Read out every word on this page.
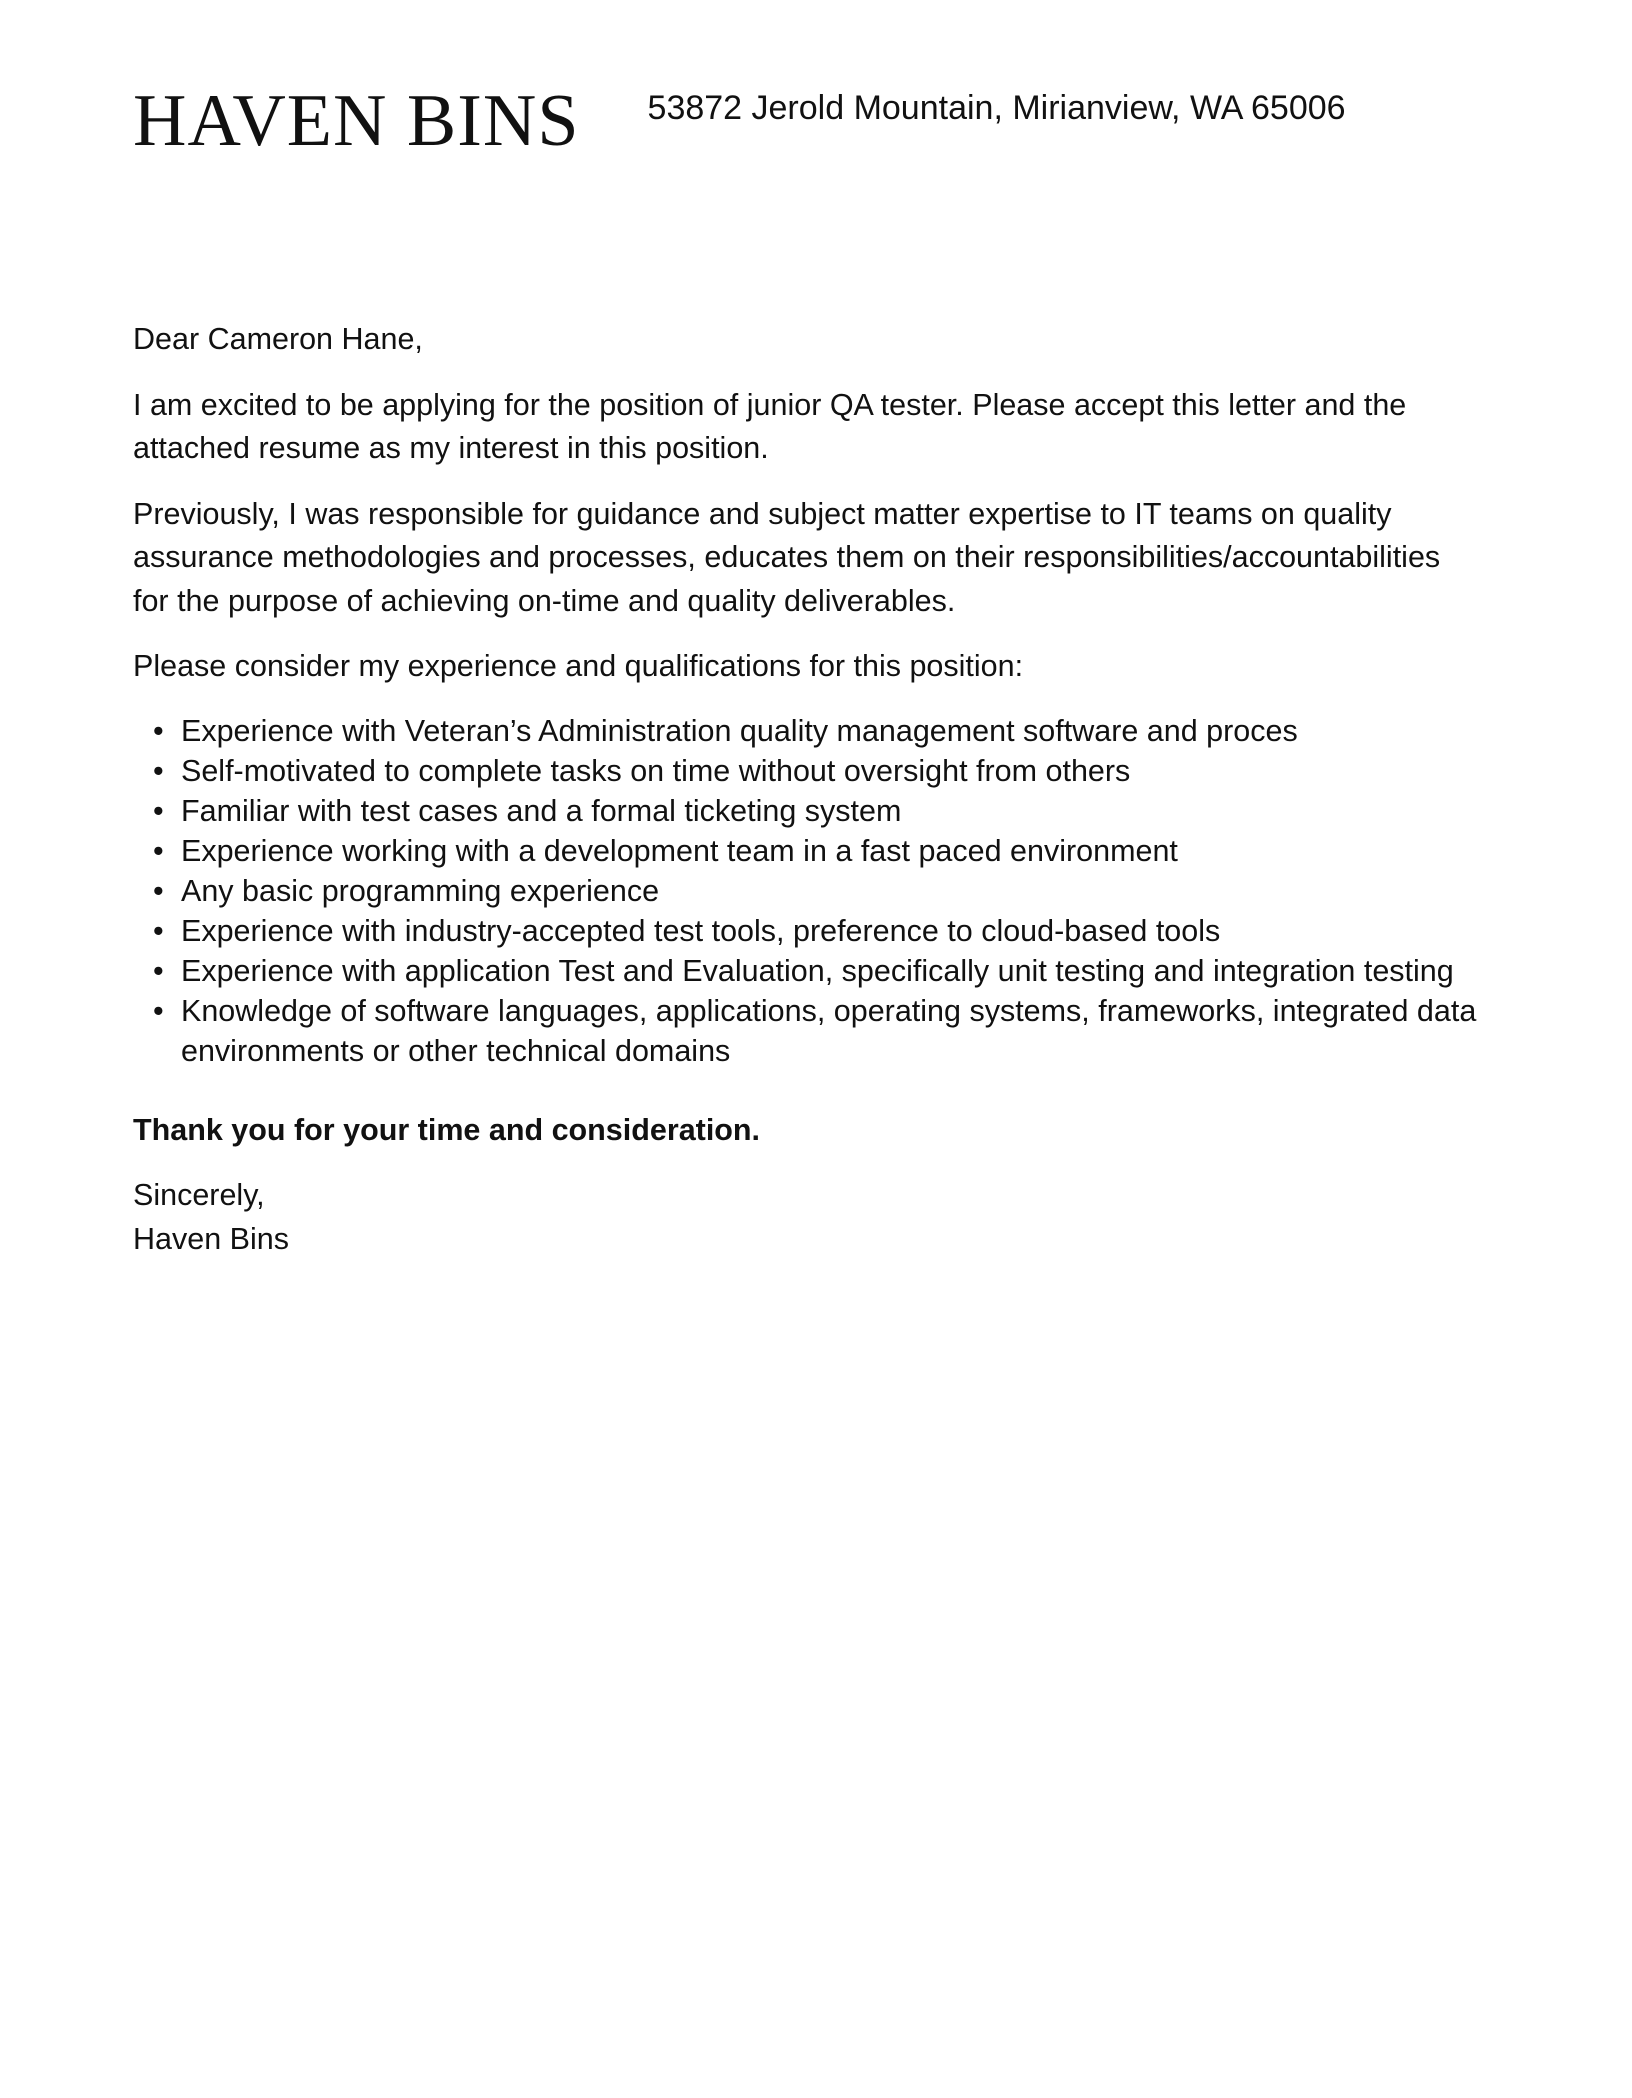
HAVEN BINS 53872 Jerold Mountain, Mirianview, WA 65006

Dear Cameron Hane,

I am excited to be applying for the position of junior QA tester. Please accept this letter and the attached resume as my interest in this position.

Previously, I was responsible for guidance and subject matter expertise to IT teams on quality assurance methodologies and processes, educates them on their responsibilities/accountabilities for the purpose of achieving on-time and quality deliverables.

Please consider my experience and qualifications for this position:

• Experience with Veteran’s Administration quality management software and proces
• Self-motivated to complete tasks on time without oversight from others
• Familiar with test cases and a formal ticketing system
• Experience working with a development team in a fast paced environment
• Any basic programming experience
• Experience with industry-accepted test tools, preference to cloud-based tools
• Experience with application Test and Evaluation, specifically unit testing and integration testing
• Knowledge of software languages, applications, operating systems, frameworks, integrated data environments or other technical domains

Thank you for your time and consideration.

Sincerely,

Haven Bins
